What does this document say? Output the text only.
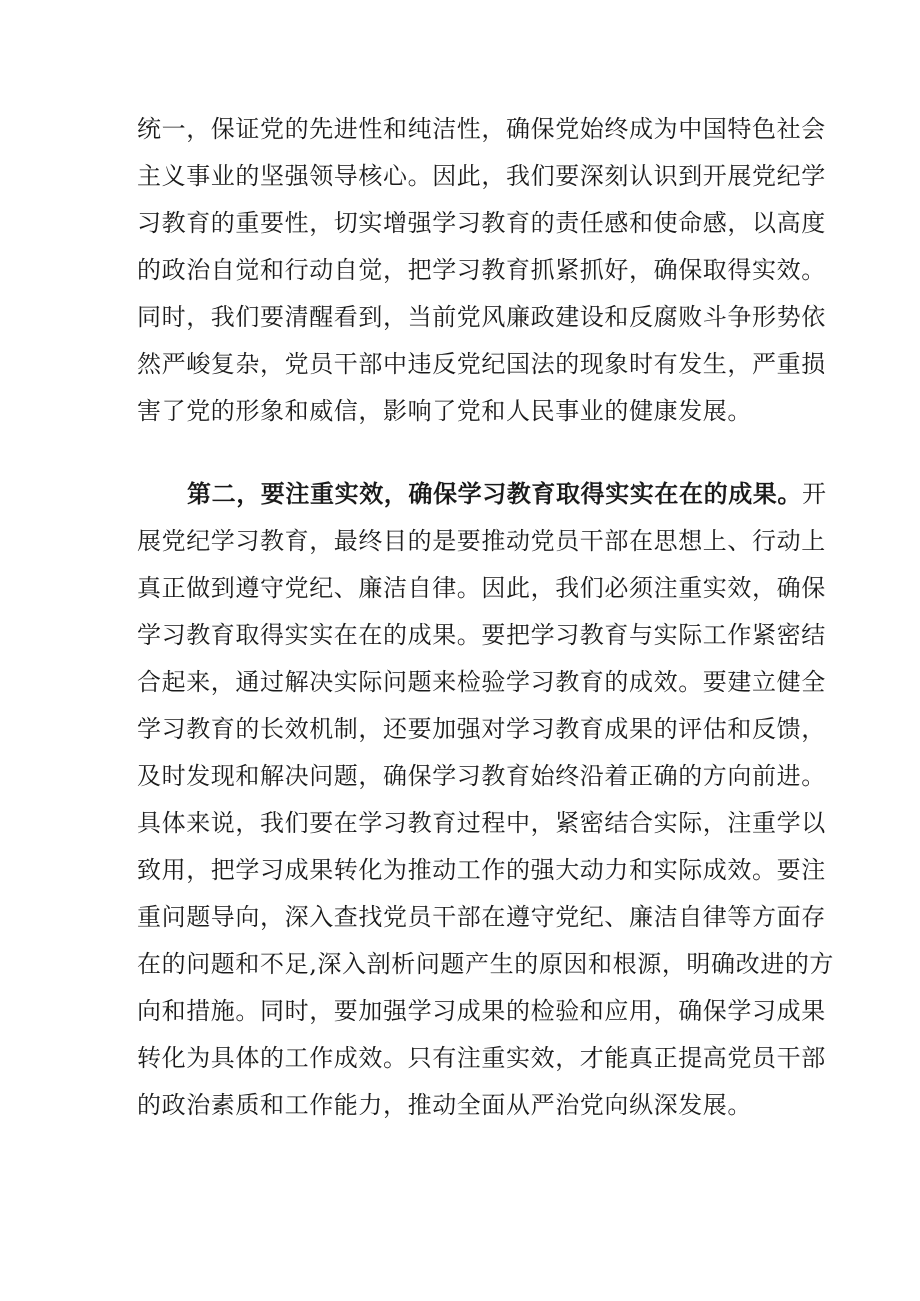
统一，保证党的先进性和纯洁性，确保党始终成为中国特色社会
主义事业的坚强领导核心。因此，我们要深刻认识到开展党纪学
习教育的重要性，切实增强学习教育的责任感和使命感，以高度
的政治自觉和行动自觉，把学习教育抓紧抓好，确保取得实效。
同时，我们要清醒看到，当前党风廉政建设和反腐败斗争形势依
然严峻复杂，党员干部中违反党纪国法的现象时有发生，严重损
害了党的形象和威信，影响了党和人民事业的健康发展。
第二，要注重实效，确保学习教育取得实实在在的成果。开
展党纪学习教育，最终目的是要推动党员干部在思想上、行动上
真正做到遵守党纪、廉洁自律。因此，我们必须注重实效，确保
学习教育取得实实在在的成果。要把学习教育与实际工作紧密结
合起来，通过解决实际问题来检验学习教育的成效。要建立健全
学习教育的长效机制，还要加强对学习教育成果的评估和反馈，
及时发现和解决问题，确保学习教育始终沿着正确的方向前进。
具体来说，我们要在学习教育过程中，紧密结合实际，注重学以
致用，把学习成果转化为推动工作的强大动力和实际成效。要注
重问题导向，深入查找党员干部在遵守党纪、廉洁自律等方面存
在的问题和不足,深入剖析问题产生的原因和根源，明确改进的方
向和措施。同时，要加强学习成果的检验和应用，确保学习成果
转化为具体的工作成效。只有注重实效，才能真正提高党员干部
的政治素质和工作能力，推动全面从严治党向纵深发展。
